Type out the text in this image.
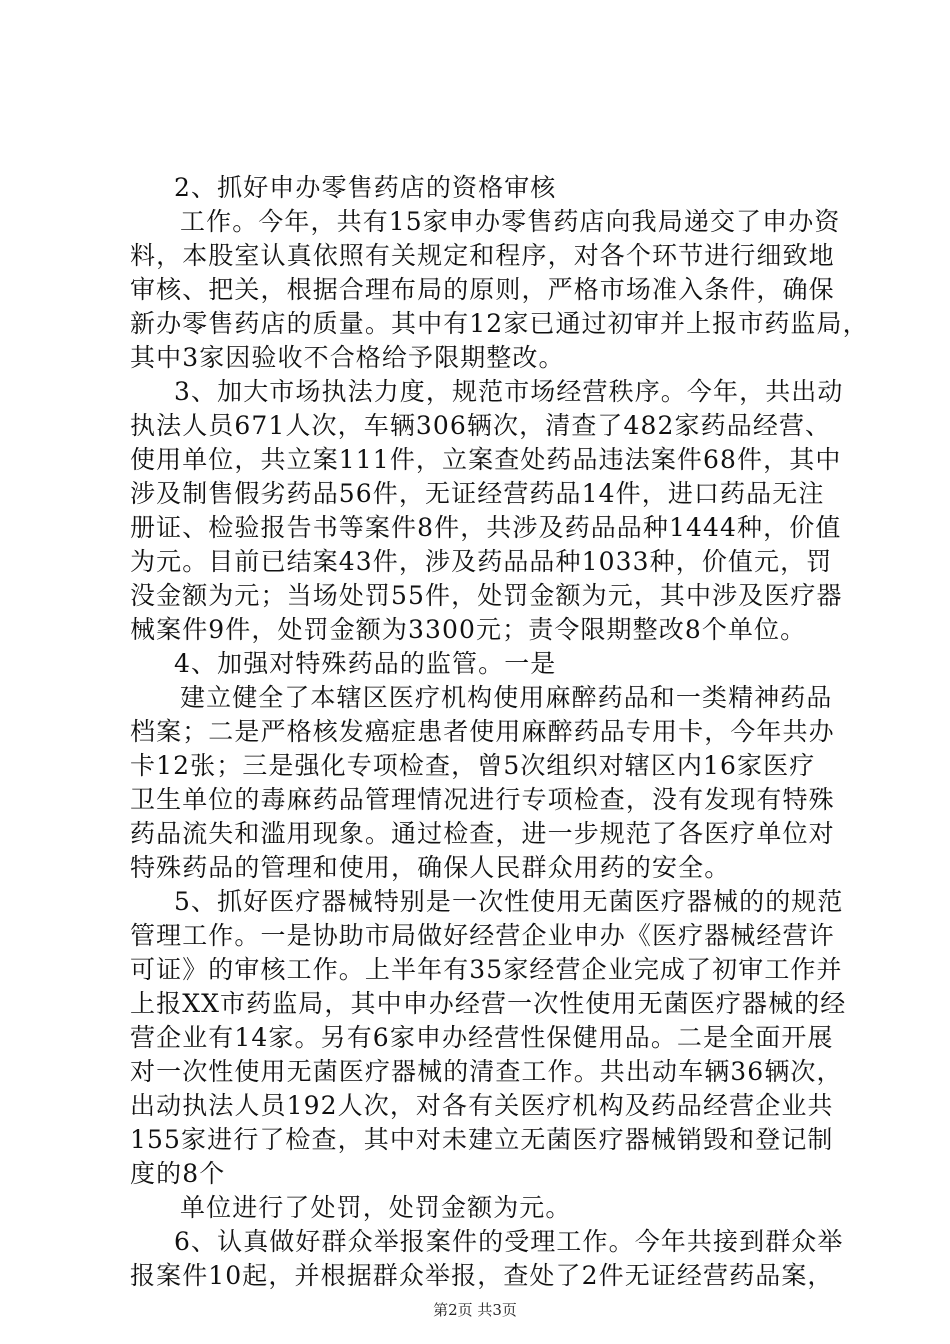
2、抓好申办零售药店的资格审核

工作。今年，共有15家申办零售药店向我局递交了申办资

料，本股室认真依照有关规定和程序，对各个环节进行细致地

审核、把关，根据合理布局的原则，严格市场准入条件，确保

新办零售药店的质量。其中有12家已通过初审并上报市药监局，

其中3家因验收不合格给予限期整改。

3、加大市场执法力度，规范市场经营秩序。今年，共出动

执法人员671人次，车辆306辆次，清查了482家药品经营、

使用单位，共立案111件，立案查处药品违法案件68件，其中

涉及制售假劣药品56件，无证经营药品14件，进口药品无注

册证、检验报告书等案件8件，共涉及药品品种1444种，价值

为元。目前已结案43件，涉及药品品种1033种，价值元，罚

没金额为元；当场处罚55件，处罚金额为元，其中涉及医疗器

械案件9件，处罚金额为3300元；责令限期整改8个单位。

4、加强对特殊药品的监管。一是

建立健全了本辖区医疗机构使用麻醉药品和一类精神药品

档案；二是严格核发癌症患者使用麻醉药品专用卡，今年共办

卡12张；三是强化专项检查，曾5次组织对辖区内16家医疗

卫生单位的毒麻药品管理情况进行专项检查，没有发现有特殊

药品流失和滥用现象。通过检查，进一步规范了各医疗单位对

特殊药品的管理和使用，确保人民群众用药的安全。

5、抓好医疗器械特别是一次性使用无菌医疗器械的的规范

管理工作。一是协助市局做好经营企业申办《医疗器械经营许

可证》的审核工作。上半年有35家经营企业完成了初审工作并

上报XX市药监局，其中申办经营一次性使用无菌医疗器械的经

营企业有14家。另有6家申办经营性保健用品。二是全面开展

对一次性使用无菌医疗器械的清查工作。共出动车辆36辆次，

出动执法人员192人次，对各有关医疗机构及药品经营企业共

155家进行了检查，其中对未建立无菌医疗器械销毁和登记制

度的8个

单位进行了处罚，处罚金额为元。

6、认真做好群众举报案件的受理工作。今年共接到群众举

报案件10起，并根据群众举报，查处了2件无证经营药品案，

第2页 共3页
